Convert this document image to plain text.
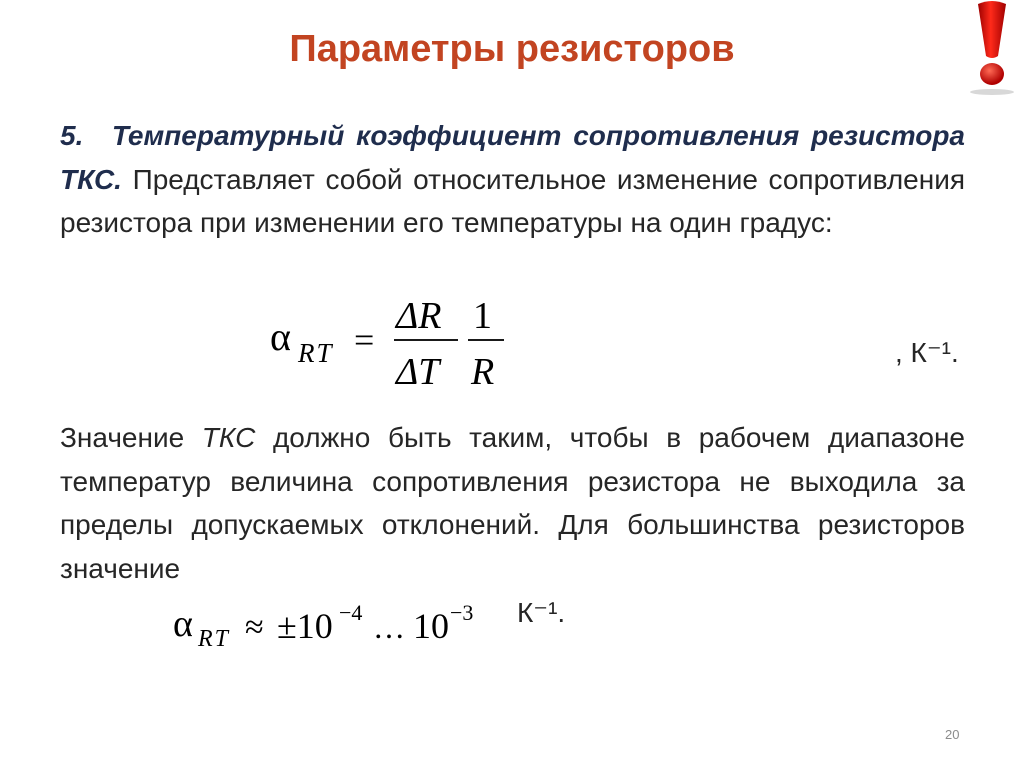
Параметры резисторов
5. Температурный коэффициент сопротивления резистора ТКС. Представляет собой относительное изменение сопротивления резистора при изменении его температуры на один градус:
α RT =
ΔR
ΔT
1
R	, К⁻¹.
Значение ТКС должно быть таким, чтобы в рабочем диапазоне температур величина сопротивления резистора не выходила за пределы допускаемых отклонений. Для большинства резисторов значение
α RT ≈ ±10 −4 … 10 −3 К⁻¹.
20
